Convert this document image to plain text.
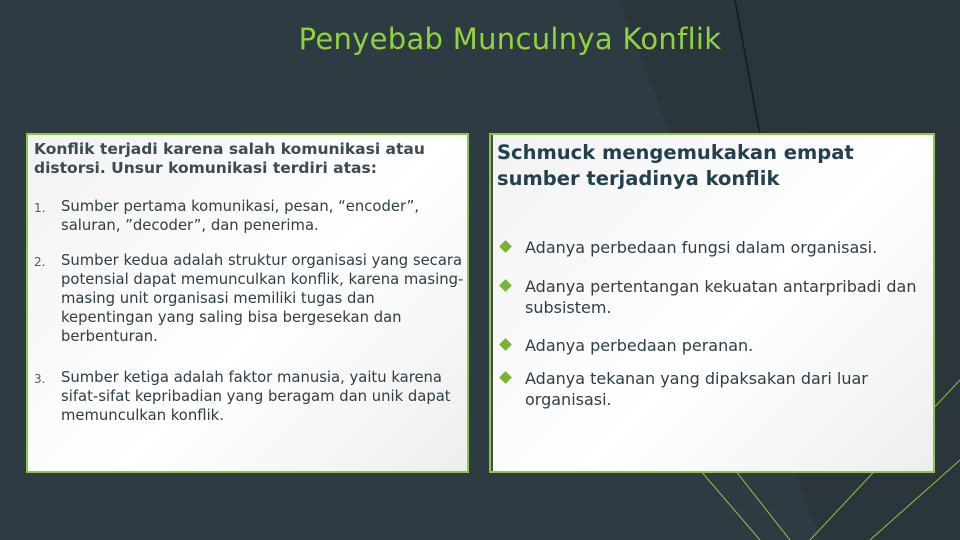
Penyebab Munculnya Konflik
Konflik terjadi karena salah komunikasi atau distorsi. Unsur komunikasi terdiri atas:
1. Sumber pertama komunikasi, pesan, “encoder”, saluran, ”decoder”, dan penerima.
2. Sumber kedua adalah struktur organisasi yang secara potensial dapat memunculkan konflik, karena masing-masing unit organisasi memiliki tugas dan kepentingan yang saling bisa bergesekan dan berbenturan.
3. Sumber ketiga adalah faktor manusia, yaitu karena sifat-sifat kepribadian yang beragam dan unik dapat memunculkan konflik.
Schmuck mengemukakan empat sumber terjadinya konflik
Adanya perbedaan fungsi dalam organisasi.
Adanya pertentangan kekuatan antarpribadi dan subsistem.
Adanya perbedaan peranan.
Adanya tekanan yang dipaksakan dari luar organisasi.
